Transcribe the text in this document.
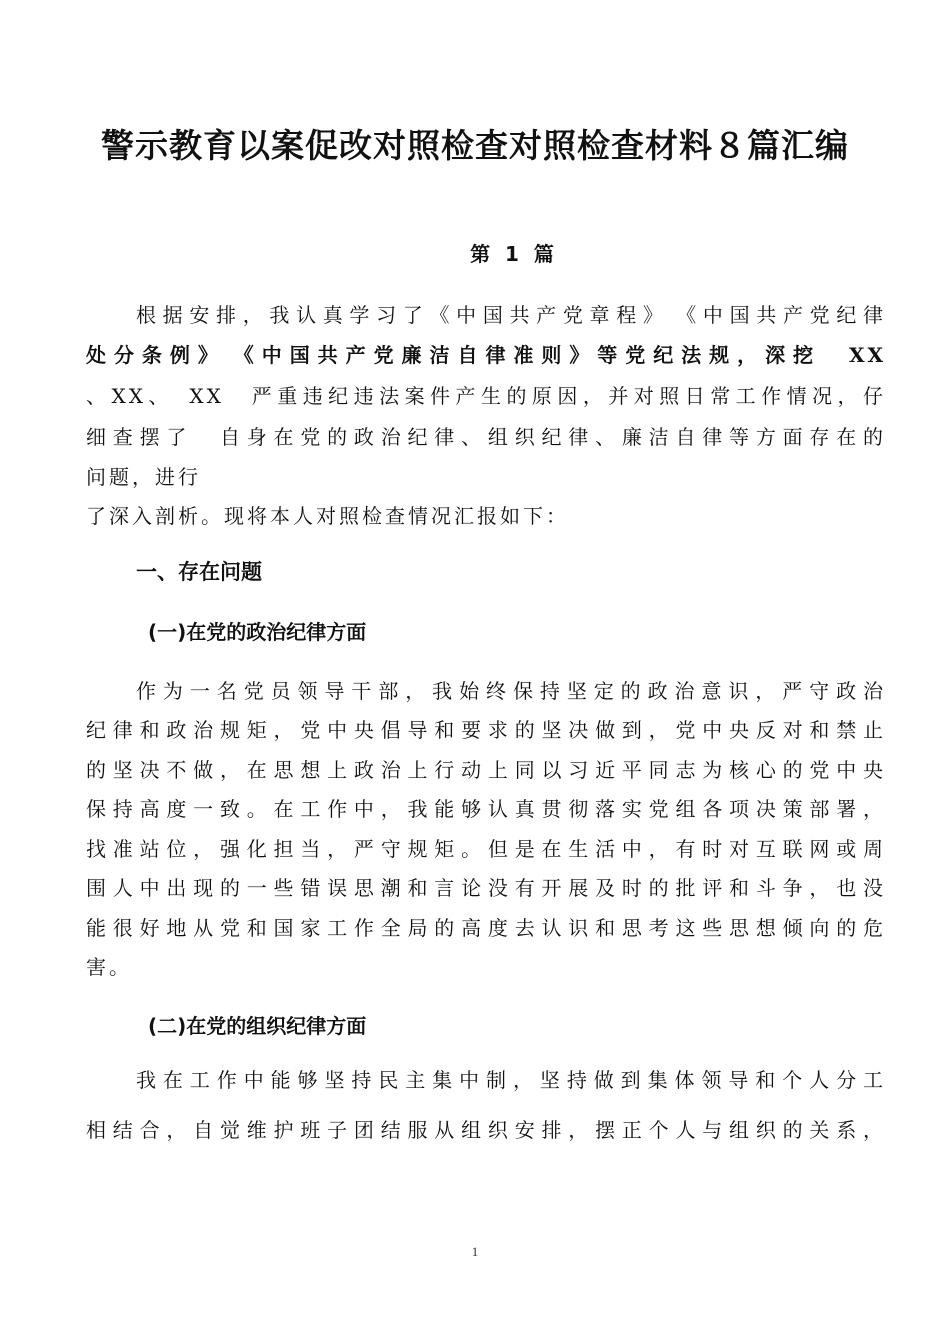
警示教育以案促改对照检查对照检查材料８篇汇编
第 1 篇
根据安排，我认真学习了《中国共产党章程》　《中国共产党纪律
处分条例》　《中国共产党廉洁自律准则》等党纪法规，深挖　XX
、XX、　XX　严重违纪违法案件产生的原因，并对照日常工作情况，仔
细查摆了　自身在党的政治纪律、组织纪律、廉洁自律等方面存在的
问题，进行
了深入剖析。现将本人对照检查情况汇报如下：
一、存在问题
(一)在党的政治纪律方面
作为一名党员领导干部，我始终保持坚定的政治意识，严守政治
纪律和政治规矩，党中央倡导和要求的坚决做到，党中央反对和禁止
的坚决不做，在思想上政治上行动上同以习近平同志为核心的党中央
保持高度一致。在工作中，我能够认真贯彻落实党组各项决策部署，
找准站位，强化担当，严守规矩。但是在生活中，有时对互联网或周
围人中出现的一些错误思潮和言论没有开展及时的批评和斗争，也没
能很好地从党和国家工作全局的高度去认识和思考这些思想倾向的危
害。
(二)在党的组织纪律方面
我在工作中能够坚持民主集中制，坚持做到集体领导和个人分工
相结合，自觉维护班子团结服从组织安排，摆正个人与组织的关系，
1
